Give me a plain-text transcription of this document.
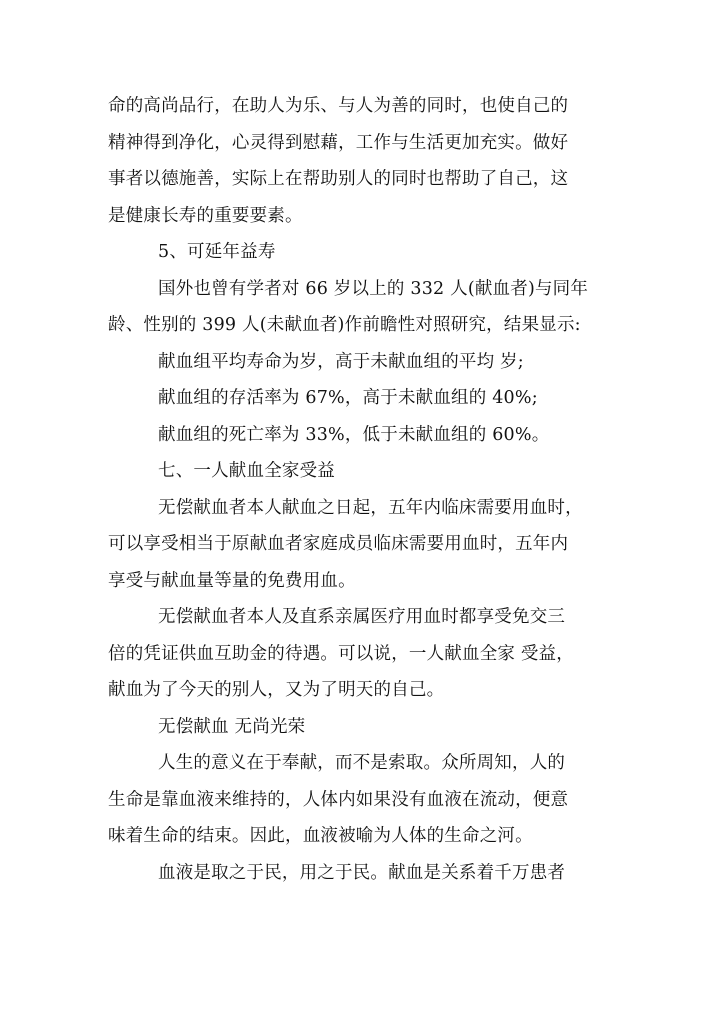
命的高尚品行，在助人为乐、与人为善的同时，也使自己的

精神得到净化，心灵得到慰藉，工作与生活更加充实。做好

事者以德施善，实际上在帮助别人的同时也帮助了自己，这

是健康长寿的重要要素。

5、可延年益寿

国外也曾有学者对 66 岁以上的 332 人(献血者)与同年

龄、性别的 399 人(未献血者)作前瞻性对照研究，结果显示:

献血组平均寿命为岁，高于未献血组的平均 岁;

献血组的存活率为 67%，高于未献血组的 40%;

献血组的死亡率为 33%，低于未献血组的 60%。

七、一人献血全家受益

无偿献血者本人献血之日起，五年内临床需要用血时，

可以享受相当于原献血者家庭成员临床需要用血时，五年内

享受与献血量等量的免费用血。

无偿献血者本人及直系亲属医疗用血时都享受免交三

倍的凭证供血互助金的待遇。可以说，一人献血全家 受益，

献血为了今天的别人，又为了明天的自己。

无偿献血 无尚光荣

人生的意义在于奉献，而不是索取。众所周知，人的

生命是靠血液来维持的，人体内如果没有血液在流动，便意

味着生命的结束。因此，血液被喻为人体的生命之河。

血液是取之于民，用之于民。献血是关系着千万患者
